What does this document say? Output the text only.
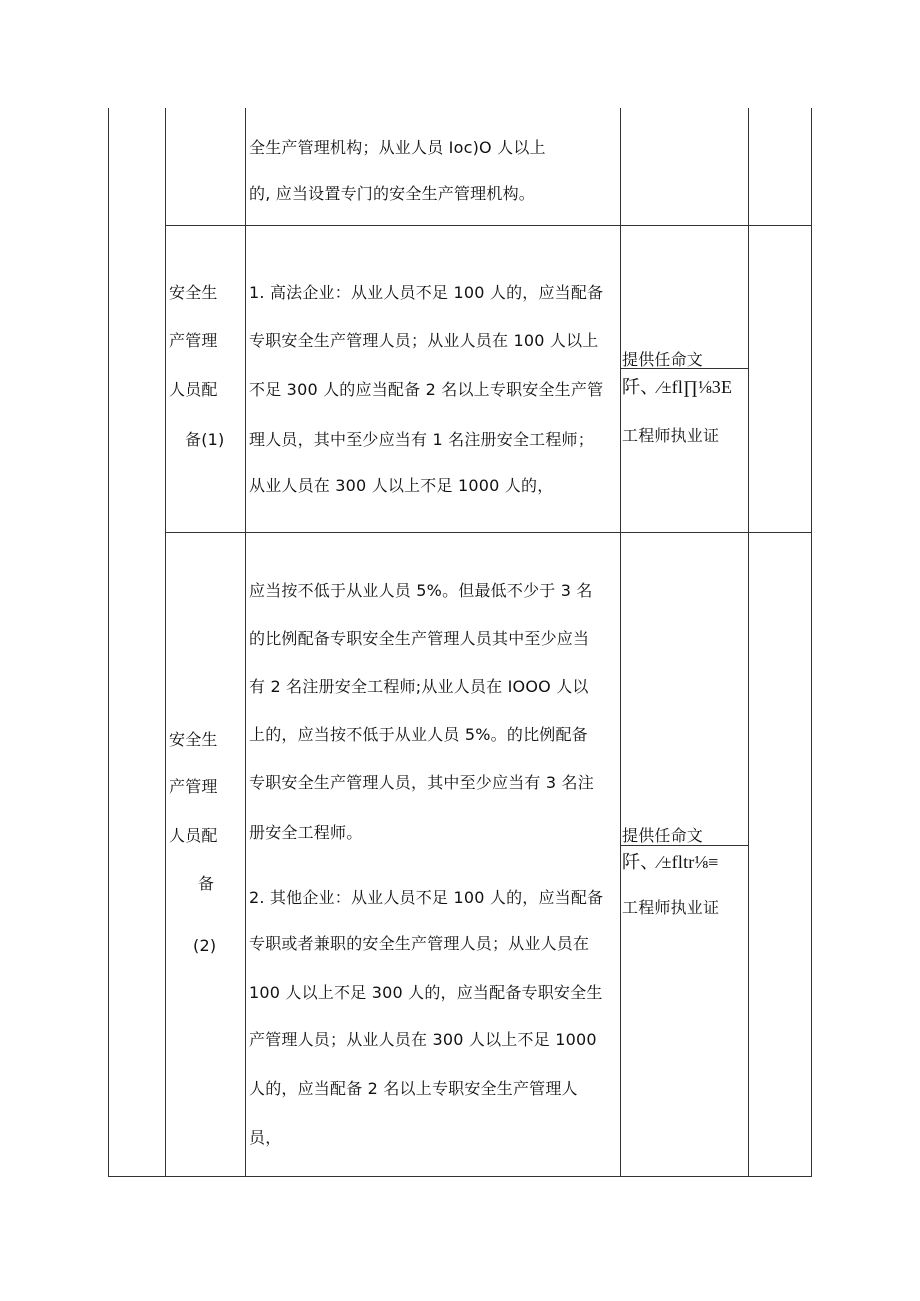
全生产管理机构；从业人员 Ioc)O 人以上
的, 应当设置专门的安全生产管理机构。
安全生
产管理
人员配
备(1)
1. 高法企业：从业人员不足 100 人的，应当配备
专职安全生产管理人员；从业人员在 100 人以上
不足 300 人的应当配备 2 名以上专职安全生产管
理人员，其中至少应当有 1 名注册安全工程师；
从业人员在 300 人以上不足 1000 人的，
提供任命文
阡、⁄±fl∏⅛3E
工程师执业证
安全生
产管理
人员配
备
(2)
应当按不低于从业人员 5%。但最低不少于 3 名
的比例配备专职安全生产管理人员其中至少应当
有 2 名注册安全工程师;从业人员在 IOOO 人以
上的，应当按不低于从业人员 5%。的比例配备
专职安全生产管理人员，其中至少应当有 3 名注
册安全工程师。
2. 其他企业：从业人员不足 100 人的，应当配备
专职或者兼职的安全生产管理人员；从业人员在
100 人以上不足 300 人的，应当配备专职安全生
产管理人员；从业人员在 300 人以上不足 1000
人的，应当配备 2 名以上专职安全生产管理人
员，
提供任命文
阡、⁄±fltr⅛≡
工程师执业证
